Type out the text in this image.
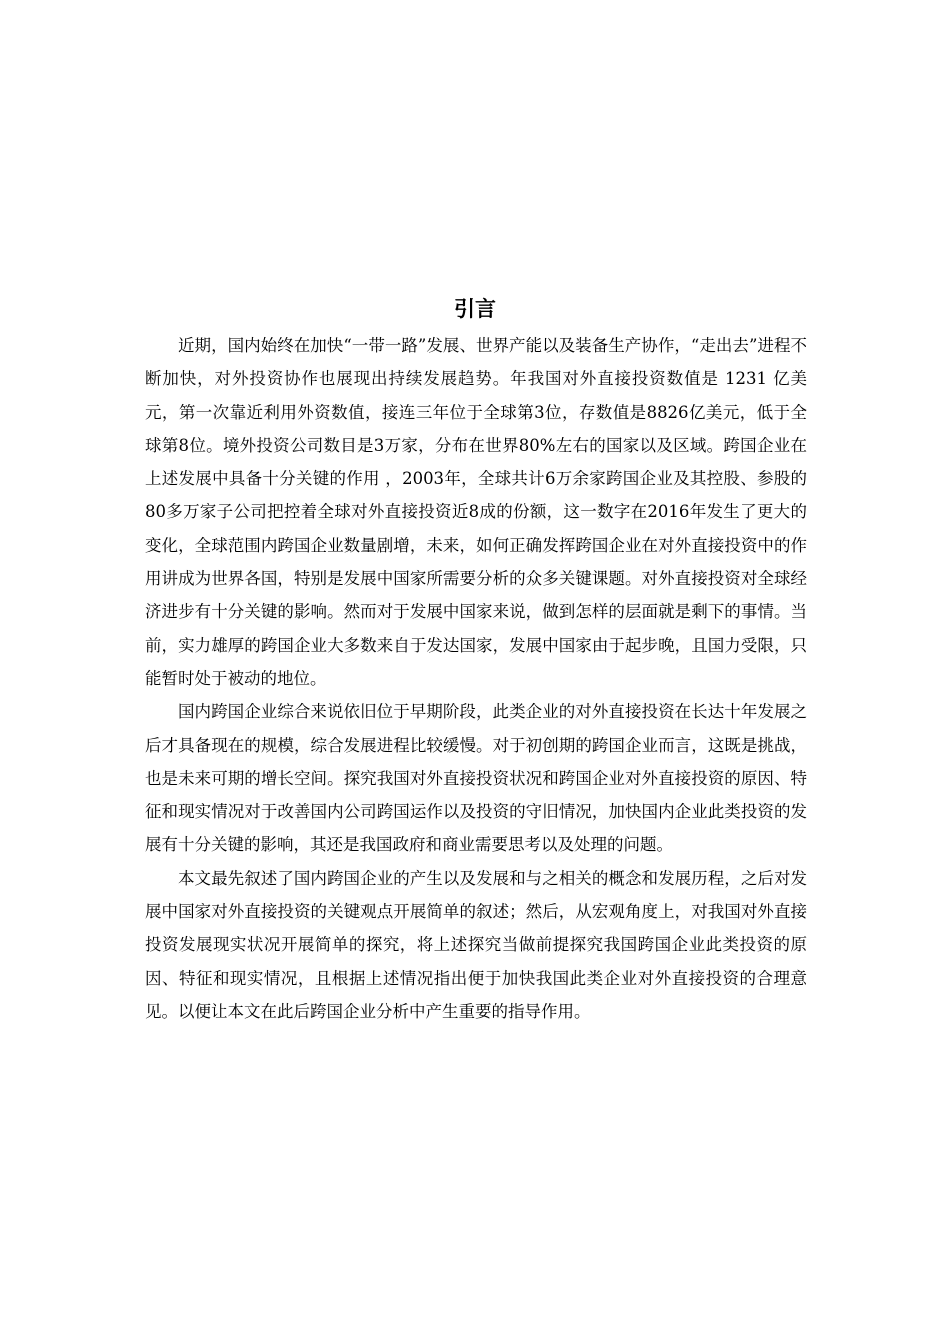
引言

近期，国内始终在加快“一带一路”发展、世界产能以及装备生产协作，“走出去”进程不断加快，对外投资协作也展现出持续发展趋势。年我国对外直接投资数值是 1231 亿美元，第一次靠近利用外资数值，接连三年位于全球第3位，存数值是8826亿美元，低于全球第8位。境外投资公司数目是3万家，分布在世界80%左右的国家以及区域。跨国企业在上述发展中具备十分关键的作用 ，2003年，全球共计6万余家跨国企业及其控股、参股的80多万家子公司把控着全球对外直接投资近8成的份额，这一数字在2016年发生了更大的变化，全球范围内跨国企业数量剧增，未来，如何正确发挥跨国企业在对外直接投资中的作用讲成为世界各国，特别是发展中国家所需要分析的众多关键课题。对外直接投资对全球经济进步有十分关键的影响。然而对于发展中国家来说，做到怎样的层面就是剩下的事情。当前，实力雄厚的跨国企业大多数来自于发达国家，发展中国家由于起步晚，且国力受限，只能暂时处于被动的地位。

国内跨国企业综合来说依旧位于早期阶段，此类企业的对外直接投资在长达十年发展之后才具备现在的规模，综合发展进程比较缓慢。对于初创期的跨国企业而言，这既是挑战，也是未来可期的增长空间。探究我国对外直接投资状况和跨国企业对外直接投资的原因、特征和现实情况对于改善国内公司跨国运作以及投资的守旧情况，加快国内企业此类投资的发展有十分关键的影响，其还是我国政府和商业需要思考以及处理的问题。

本文最先叙述了国内跨国企业的产生以及发展和与之相关的概念和发展历程，之后对发展中国家对外直接投资的关键观点开展简单的叙述；然后，从宏观角度上，对我国对外直接投资发展现实状况开展简单的探究，将上述探究当做前提探究我国跨国企业此类投资的原因、特征和现实情况，且根据上述情况指出便于加快我国此类企业对外直接投资的合理意见。以便让本文在此后跨国企业分析中产生重要的指导作用。
